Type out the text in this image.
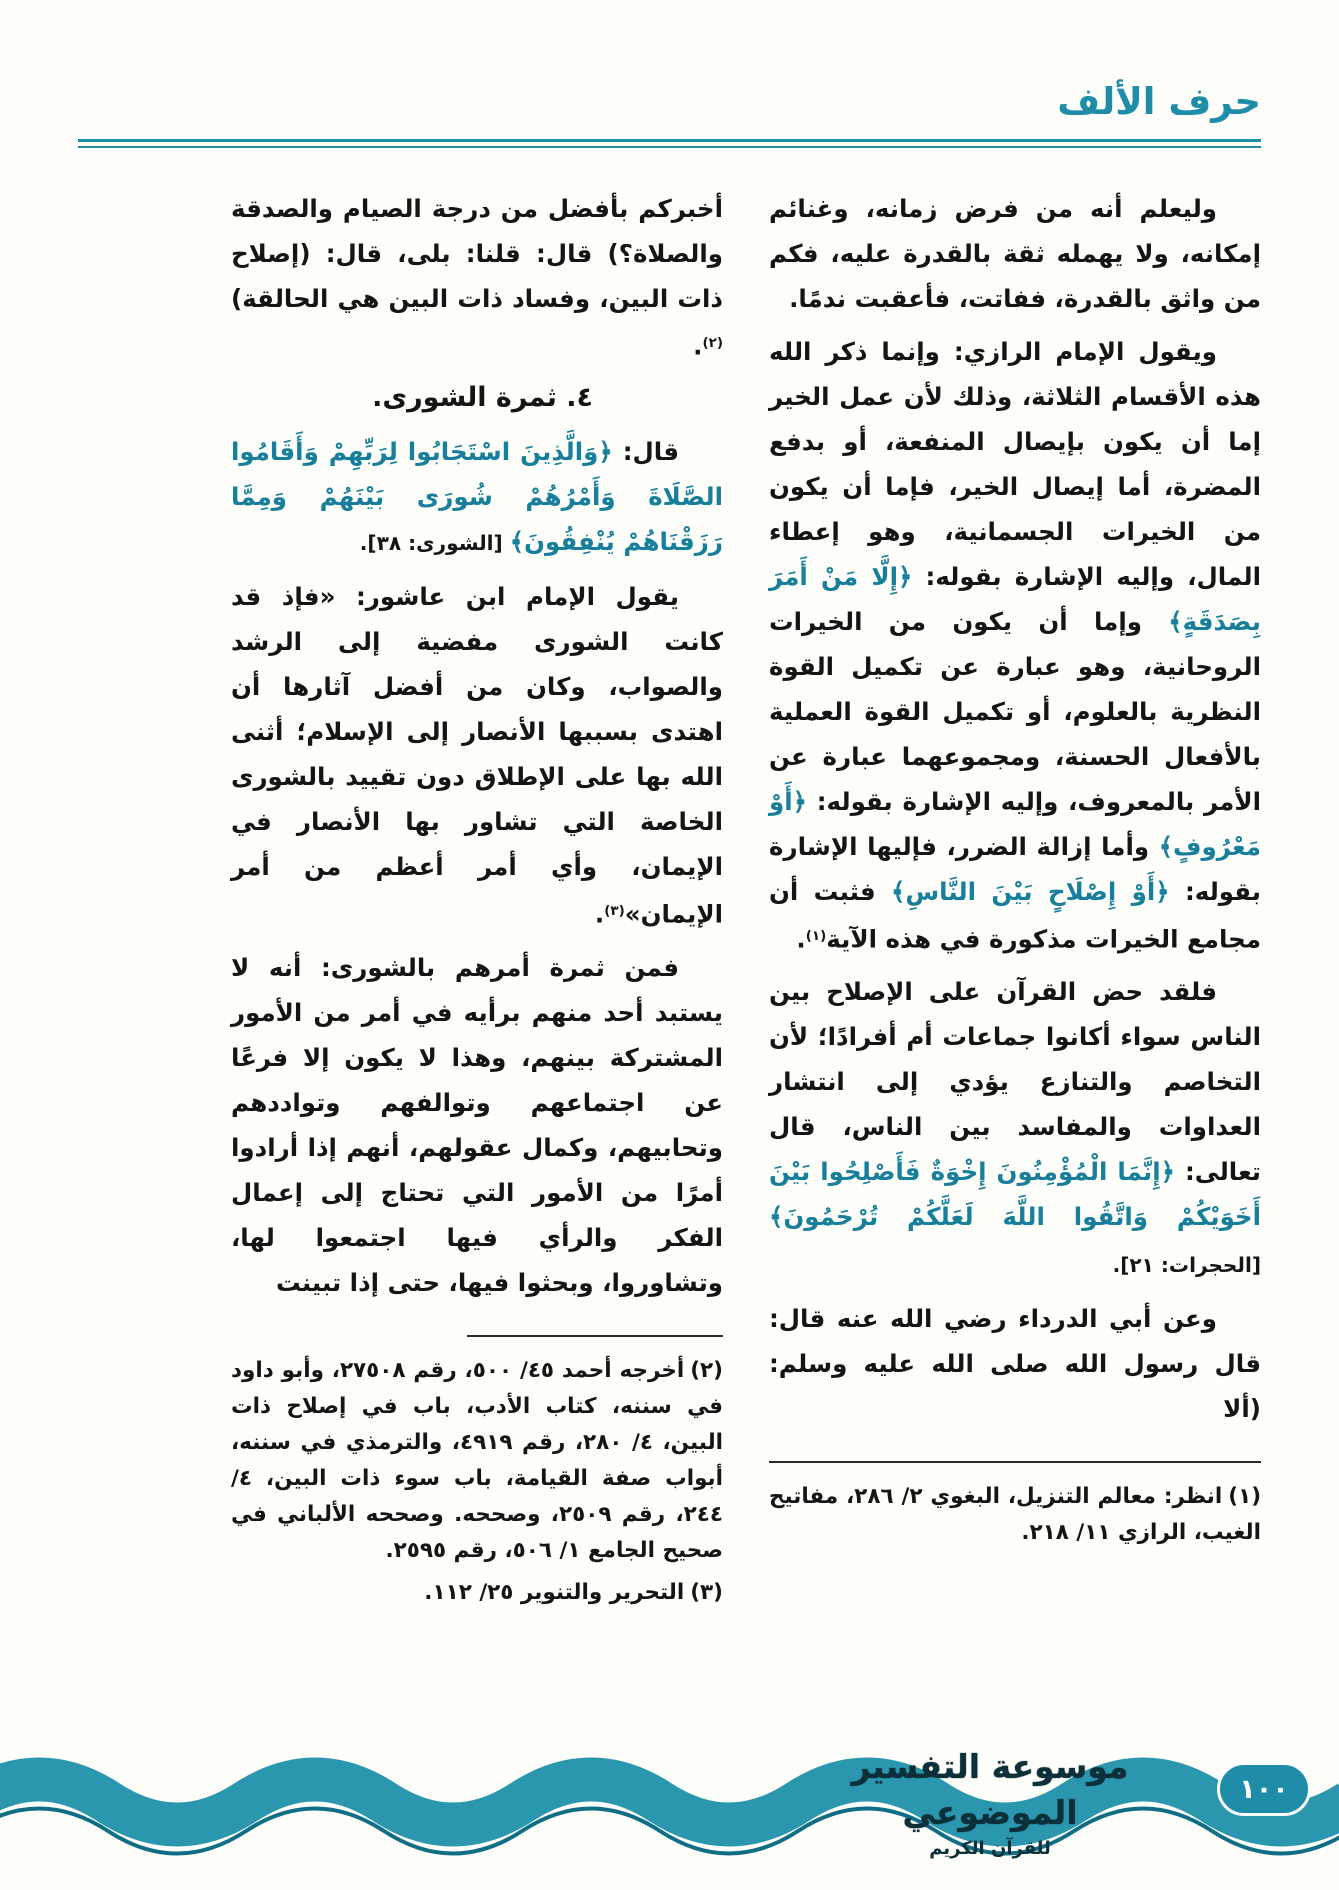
حرف الألف

وليعلم أنه من فرض زمانه، وغنائم إمكانه، ولا يهمله ثقة بالقدرة عليه، فكم من واثق بالقدرة، ففاتت، فأعقبت ندمًا.

ويقول الإمام الرازي: وإنما ذكر الله هذه الأقسام الثلاثة، وذلك لأن عمل الخير إما أن يكون بإيصال المنفعة، أو بدفع المضرة، أما إيصال الخير، فإما أن يكون من الخيرات الجسمانية، وهو إعطاء المال، وإليه الإشارة بقوله: ﴿إِلَّا مَنْ أَمَرَ بِصَدَقَةٍ﴾ وإما أن يكون من الخيرات الروحانية، وهو عبارة عن تكميل القوة النظرية بالعلوم، أو تكميل القوة العملية بالأفعال الحسنة، ومجموعهما عبارة عن الأمر بالمعروف، وإليه الإشارة بقوله: ﴿أَوْ مَعْرُوفٍ﴾ وأما إزالة الضرر، فإليها الإشارة بقوله: ﴿أَوْ إِصْلَاحٍ بَيْنَ النَّاسِ﴾ فثبت أن مجامع الخيرات مذكورة في هذه الآية$^{(١)}$.

فلقد حض القرآن على الإصلاح بين الناس سواء أكانوا جماعات أم أفرادًا؛ لأن التخاصم والتنازع يؤدي إلى انتشار العداوات والمفاسد بين الناس، قال تعالى: ﴿إِنَّمَا الْمُؤْمِنُونَ إِخْوَةٌ فَأَصْلِحُوا بَيْنَ أَخَوَيْكُمْ وَاتَّقُوا اللَّهَ لَعَلَّكُمْ تُرْحَمُونَ﴾ [الحجرات: ٢١].

وعن أبي الدرداء رضي الله عنه قال: قال رسول الله صلى الله عليه وسلم: (ألا

(١)انظر: معالم التنزيل، البغوي ٢/ ٢٨٦، مفاتيح الغيب، الرازي ١١/ ٢١٨.

أخبركم بأفضل من درجة الصيام والصدقة والصلاة؟) قال: قلنا: بلى، قال: (إصلاح ذات البين، وفساد ذات البين هي الحالقة)$^{(٢)}$.

٤. ثمرة الشورى.

قال: ﴿وَالَّذِينَ اسْتَجَابُوا لِرَبِّهِمْ وَأَقَامُوا الصَّلَاةَ وَأَمْرُهُمْ شُورَى بَيْنَهُمْ وَمِمَّا رَزَقْنَاهُمْ يُنْفِقُونَ﴾ [الشورى: ٣٨].

يقول الإمام ابن عاشور: «فإذ قد كانت الشورى مفضية إلى الرشد والصواب، وكان من أفضل آثارها أن اهتدى بسببها الأنصار إلى الإسلام؛ أثنى الله بها على الإطلاق دون تقييد بالشورى الخاصة التي تشاور بها الأنصار في الإيمان، وأي أمر أعظم من أمر الإيمان»$^{(٣)}$.

فمن ثمرة أمرهم بالشورى: أنه لا يستبد أحد منهم برأيه في أمر من الأمور المشتركة بينهم، وهذا لا يكون إلا فرعًا عن اجتماعهم وتوالفهم وتواددهم وتحابيهم، وكمال عقولهم، أنهم إذا أرادوا أمرًا من الأمور التي تحتاج إلى إعمال الفكر والرأي فيها اجتمعوا لها، وتشاوروا، وبحثوا فيها، حتى إذا تبينت

(٢)أخرجه أحمد ٤٥/ ٥٠٠، رقم ٢٧٥٠٨، وأبو داود في سننه، كتاب الأدب، باب في إصلاح ذات البين، ٤/ ٢٨٠، رقم ٤٩١٩، والترمذي في سننه، أبواب صفة القيامة، باب سوء ذات البين، ٤/ ٢٤٤، رقم ٢٥٠٩، وصححه. وصححه الألباني في صحيح الجامع ١/ ٥٠٦، رقم ٢٥٩٥.

(٣)التحرير والتنوير ٢٥/ ١١٢.

موسوعة التفسير الموضوعي
للقرآن الكريم
١٠٠
